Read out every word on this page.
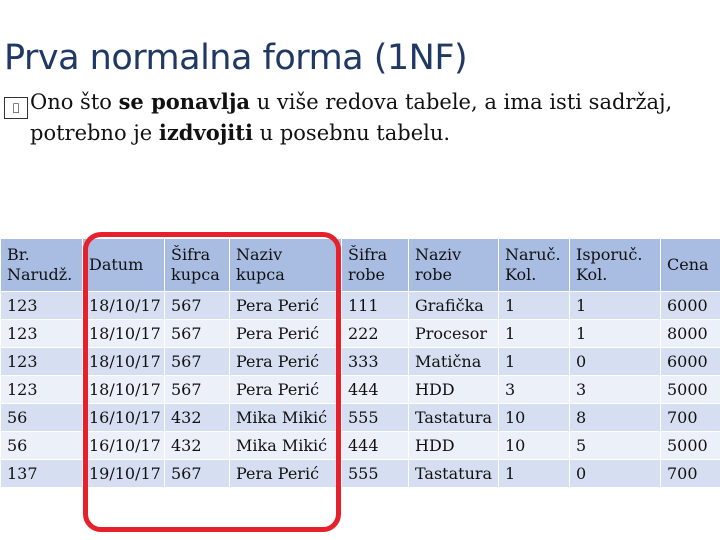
Prva normalna forma (1NF)
Ono što se ponavlja u više redova tabele, a ima isti sadržaj,
potrebno je izdvojiti u posebnu tabelu.
Br. Narudž.	Datum	Šifra kupca	Naziv kupca	Šifra robe	Naziv robe	Naruč. Kol.	Isporuč. Kol.	Cena
123	18/10/17	567	Pera Perić	111	Grafička	1	1	6000
123	18/10/17	567	Pera Perić	222	Procesor	1	1	8000
123	18/10/17	567	Pera Perić	333	Matična	1	0	6000
123	18/10/17	567	Pera Perić	444	HDD	3	3	5000
56	16/10/17	432	Mika Mikić	555	Tastatura	10	8	700
56	16/10/17	432	Mika Mikić	444	HDD	10	5	5000
137	19/10/17	567	Pera Perić	555	Tastatura	1	0	700
